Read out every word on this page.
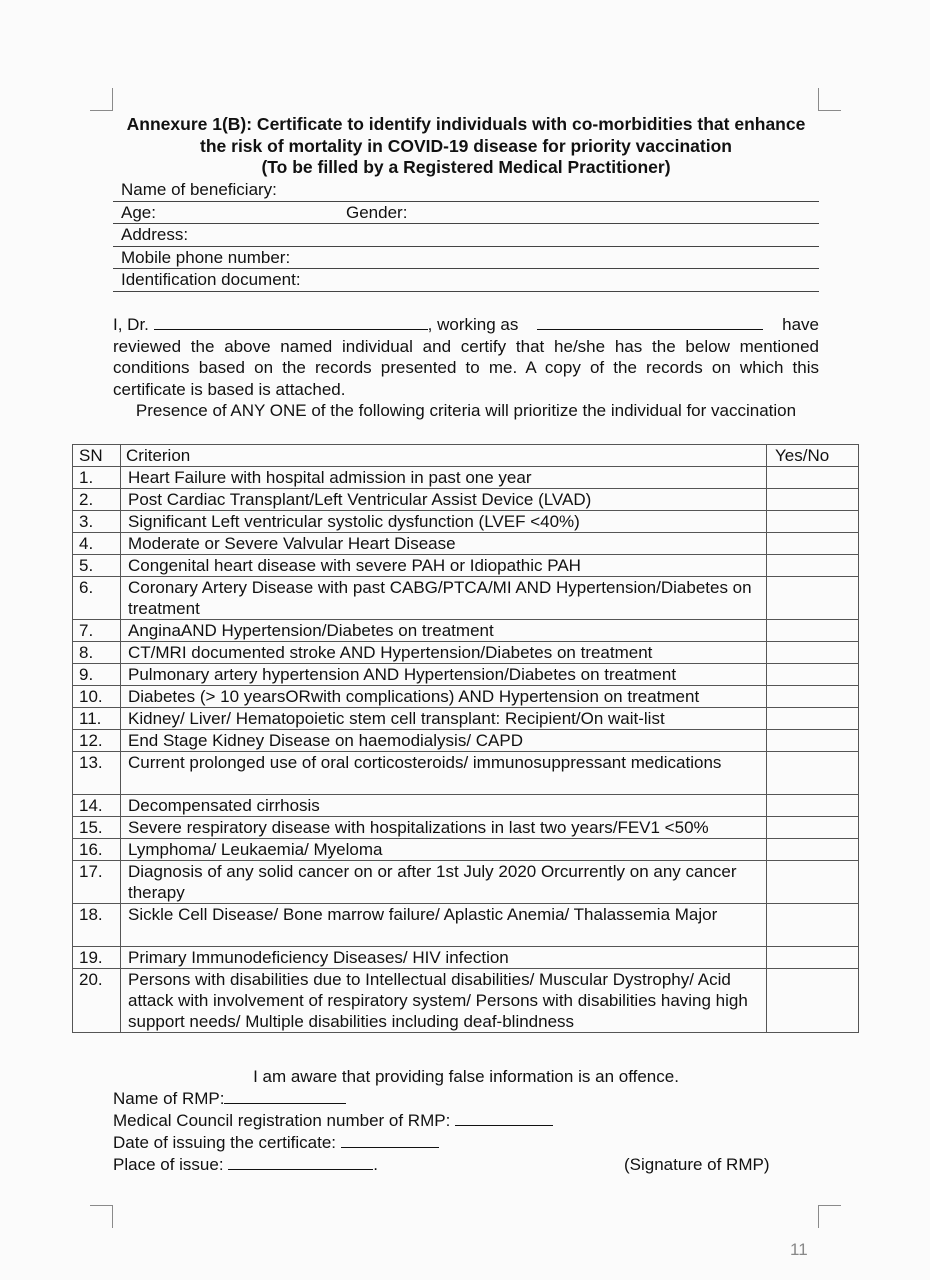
Annexure 1(B): Certificate to identify individuals with co-morbidities that enhance
the risk of mortality in COVID-19 disease for priority vaccination
(To be filled by a Registered Medical Practitioner)
Name of beneficiary:
Age:	Gender:
Address:
Mobile phone number:
Identification document:
I, Dr.	, working as	have
reviewed the above named individual and certify that he/she has the below mentioned conditions based on the records presented to me. A copy of the records on which this certificate is based is attached.
Presence of ANY ONE of the following criteria will prioritize the individual for vaccination
SN	Criterion	Yes/No
1.	Heart Failure with hospital admission in past one year	
2.	Post Cardiac Transplant/Left Ventricular Assist Device (LVAD)	
3.	Significant Left ventricular systolic dysfunction (LVEF <40%)	
4.	Moderate or Severe Valvular Heart Disease	
5.	Congenital heart disease with severe PAH or Idiopathic PAH	
6.	Coronary Artery Disease with past CABG/PTCA/MI AND Hypertension/Diabetes on treatment	
7.	AnginaAND Hypertension/Diabetes on treatment	
8.	CT/MRI documented stroke AND Hypertension/Diabetes on treatment	
9.	Pulmonary artery hypertension AND Hypertension/Diabetes on treatment	
10.	Diabetes (> 10 yearsORwith complications) AND Hypertension on treatment	
11.	Kidney/ Liver/ Hematopoietic stem cell transplant: Recipient/On wait-list	
12.	End Stage Kidney Disease on haemodialysis/ CAPD	
13.	Current prolonged use of oral corticosteroids/ immunosuppressant medications	
14.	Decompensated cirrhosis	
15.	Severe respiratory disease with hospitalizations in last two years/FEV1 <50%	
16.	Lymphoma/ Leukaemia/ Myeloma	
17.	Diagnosis of any solid cancer on or after 1st July 2020 Orcurrently on any cancer therapy	
18.	Sickle Cell Disease/ Bone marrow failure/ Aplastic Anemia/ Thalassemia Major	
19.	Primary Immunodeficiency Diseases/ HIV infection	
20.	Persons with disabilities due to Intellectual disabilities/ Muscular Dystrophy/ Acid attack with involvement of respiratory system/ Persons with disabilities having high support needs/ Multiple disabilities including deaf-blindness	
I am aware that providing false information is an offence.
Name of RMP:
Medical Council registration number of RMP:
Date of issuing the certificate:
Place of issue:	.	(Signature of RMP)
11
